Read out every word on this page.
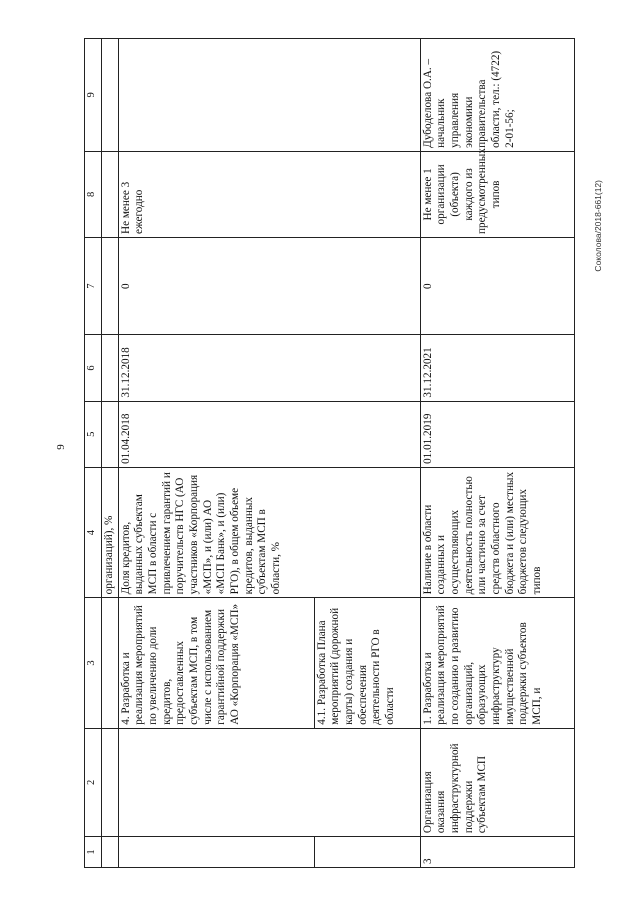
9
1	2	3	4	5	6	7	8	9
			организаций), %					
		4. Разработка и реализация мероприятий по увеличению доли кредитов, предоставленных субъектам МСП, в том числе с использованием гарантийной поддержки АО «Корпорация «МСП»	Доля кредитов, выданных субъектам МСП в области с привлечением гарантий и поручительств НГС (АО участников «Корпорация «МСП», и (или) АО «МСП Банк», и (или) РГО), в общем объеме кредитов, выданных субъектам МСП в области, %	01.04.2018	31.12.2018	0	Не менее 3 ежегодно	
		4.1. Разработка Плана мероприятий (дорожной карты) создания и обеспечения деятельности РГО в области						
3	Организация оказания инфраструктурной поддержки субъектам МСП	1. Разработка и реализация мероприятий по созданию и развитию организаций, образующих инфраструктуру имущественной поддержки субъектов МСП, и	Наличие в области созданных и осуществляющих деятельность полностью или частично за счет средств областного бюджета и (или) местных бюджетов следующих типов	01.01.2019	31.12.2021	0	Не менее 1 организации (объекта) каждого из предусмотренных типов	Дубоделова О.А. – начальник управления экономики правительства области, тел.: (4722) 2-01-56;
Соколова/2018-661(12)
